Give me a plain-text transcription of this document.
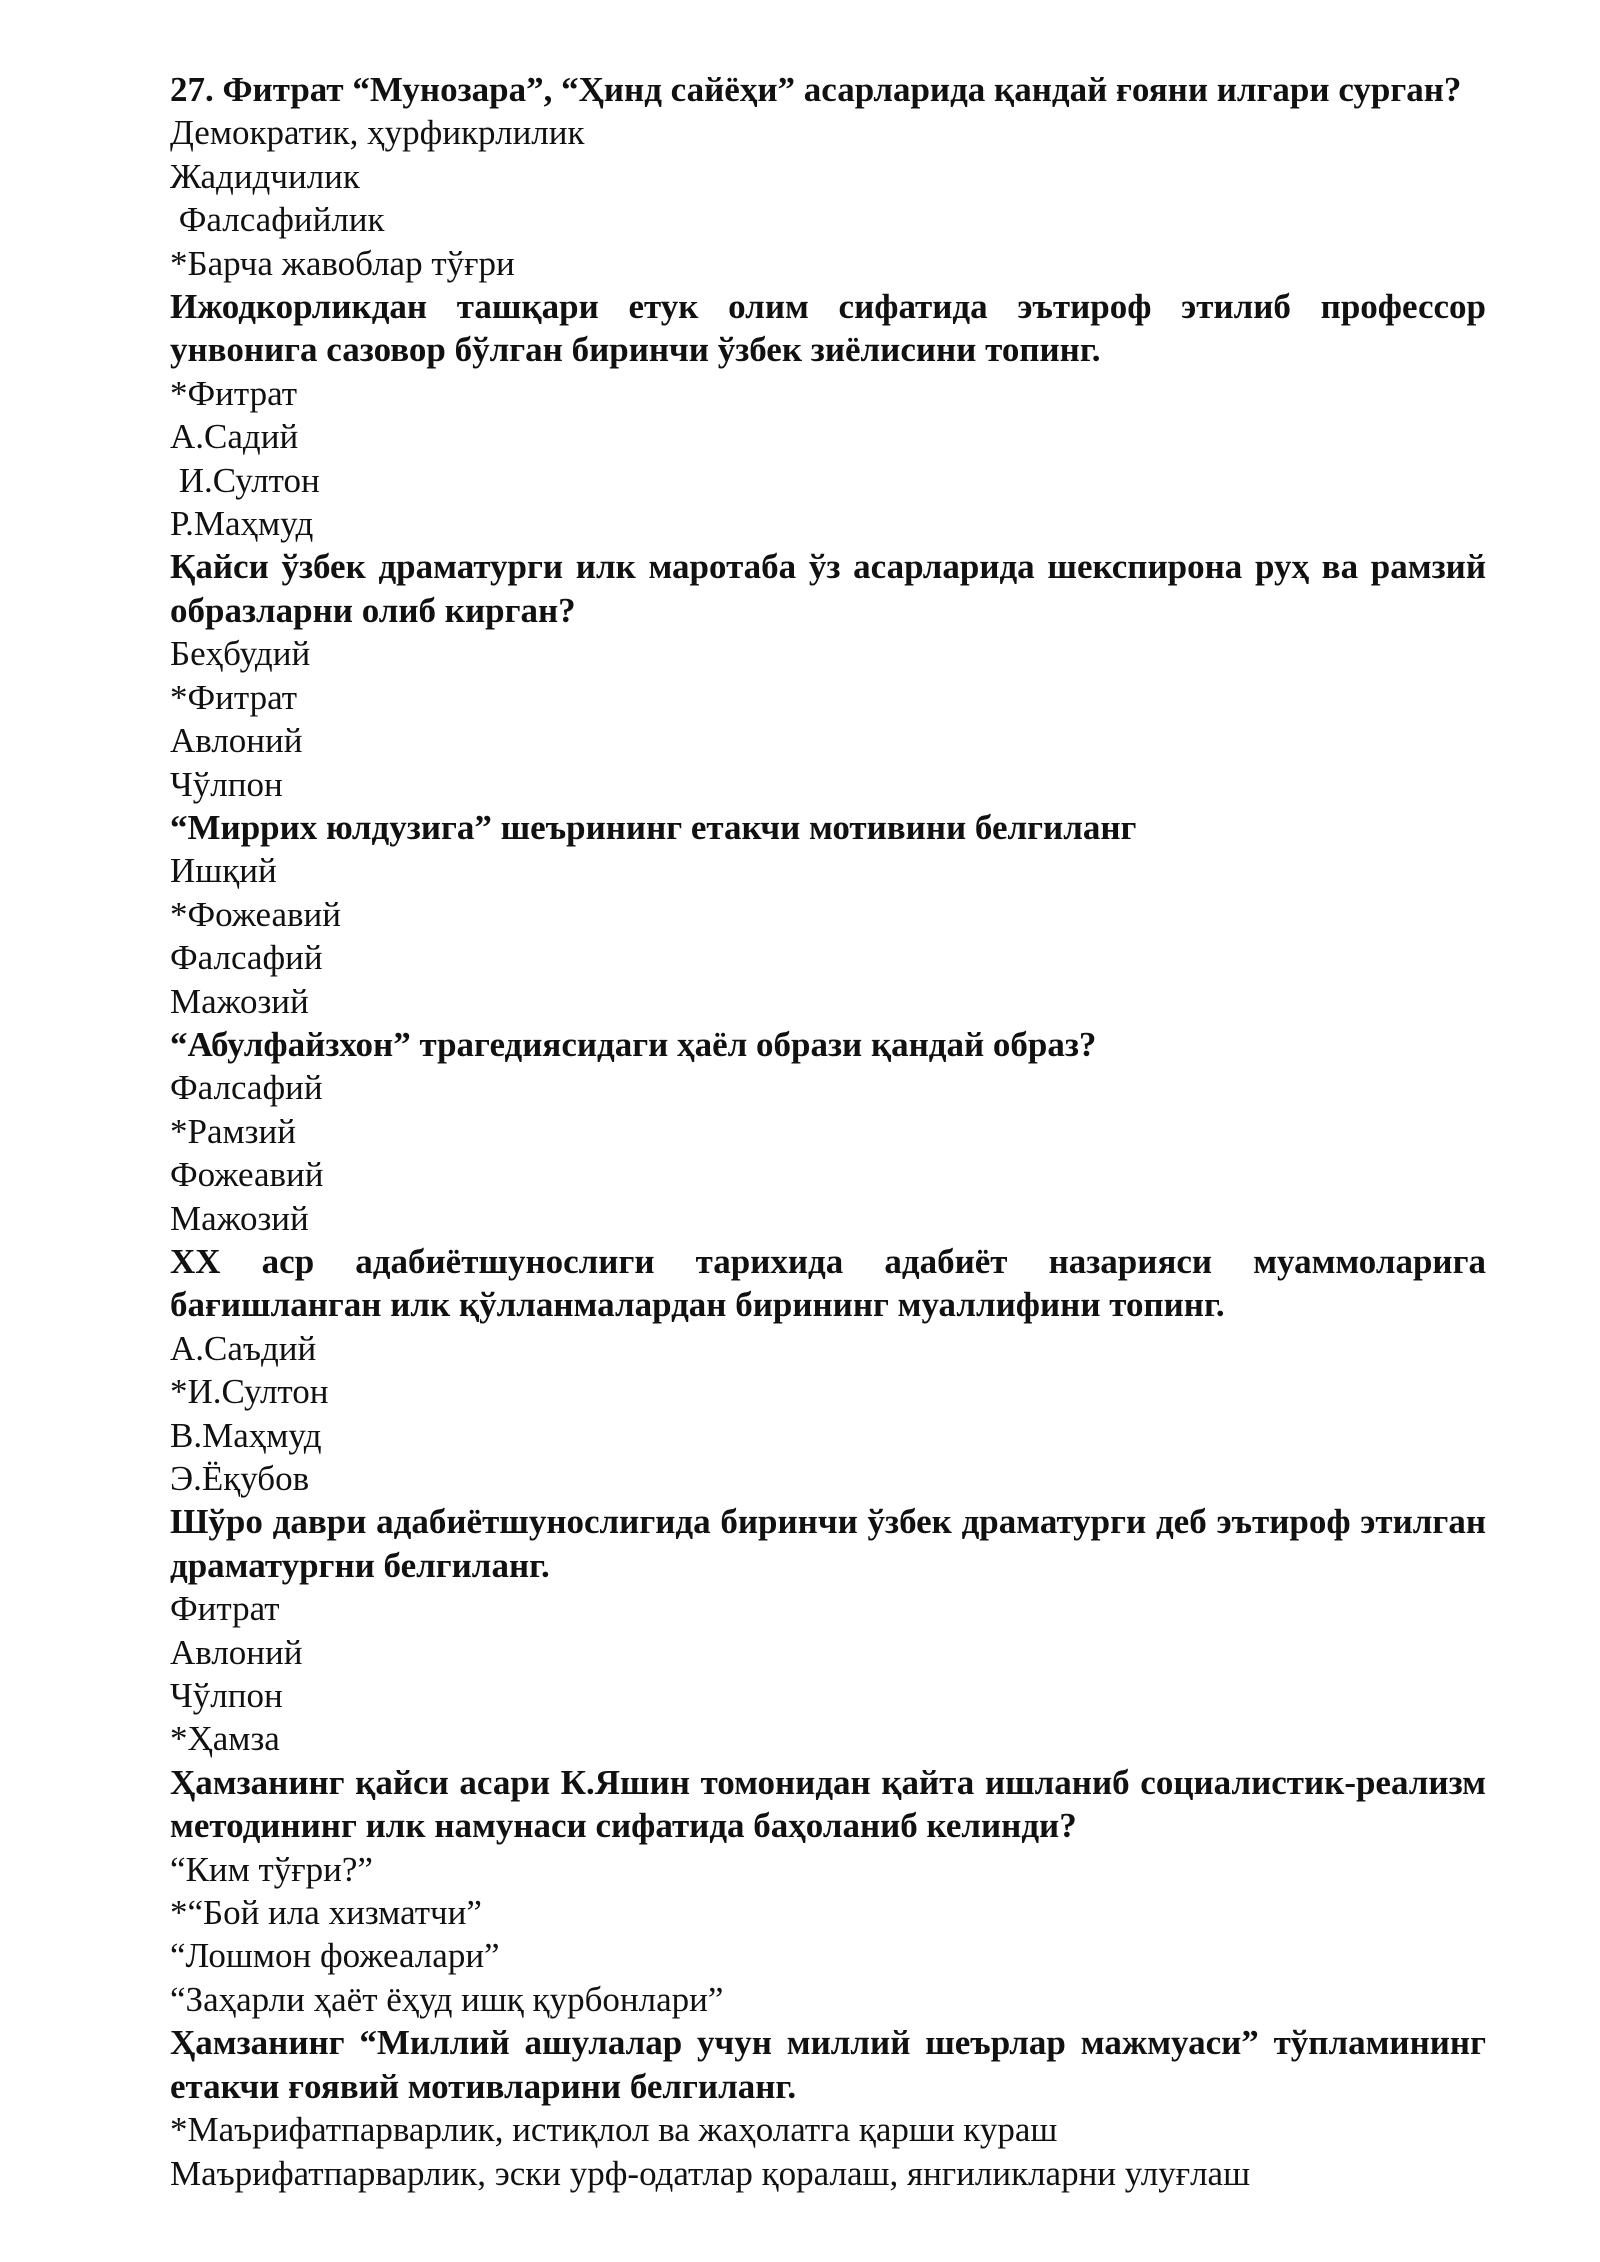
27. Фитрат “Мунозара”, “Ҳинд сайёҳи” асарларида қандай ғояни илгари сурган?

Демократик, ҳурфикрлилик

Жадидчилик

Фалсафийлик

*Барча жавоблар тўғри

Ижодкорликдан ташқари етук олим сифатида эътироф этилиб профессор унвонига сазовор бўлган биринчи ўзбек зиёлисини топинг.

*Фитрат

А.Садий

И.Султон

Р.Маҳмуд

Қайси ўзбек драматурги илк маротаба ўз асарларида шекспирона руҳ ва рамзий образларни олиб кирган?

Беҳбудий

*Фитрат

Авлоний

Чўлпон

“Миррих юлдузига” шеърининг етакчи мотивини белгиланг

Ишқий

*Фожеавий

Фалсафий

Мажозий

“Абулфайзхон” трагедиясидаги ҳаёл образи қандай образ?

Фалсафий

*Рамзий

Фожеавий

Мажозий

XX аср адабиётшунослиги тарихида адабиёт назарияси муаммоларига бағишланган илк қўлланмалардан бирининг муаллифини топинг.

А.Саъдий

*И.Султон

В.Маҳмуд

Э.Ёқубов

Шўро даври адабиётшунослигида биринчи ўзбек драматурги деб эътироф этилган драматургни белгиланг.

Фитрат

Авлоний

Чўлпон

*Ҳамза

Ҳамзанинг қайси асари К.Яшин томонидан қайта ишланиб социалистик-реализм методининг илк намунаси сифатида баҳоланиб келинди?

“Ким тўғри?”

*“Бой ила хизматчи”

“Лошмон фожеалари”

“Заҳарли ҳаёт ёҳуд ишқ қурбонлари”

Ҳамзанинг “Миллий ашулалар учун миллий шеърлар мажмуаси” тўпламининг етакчи ғоявий мотивларини белгиланг.

*Маърифатпарварлик, истиқлол ва жаҳолатга қарши кураш

Маърифатпарварлик, эски урф-одатлар қоралаш, янгиликларни улуғлаш
